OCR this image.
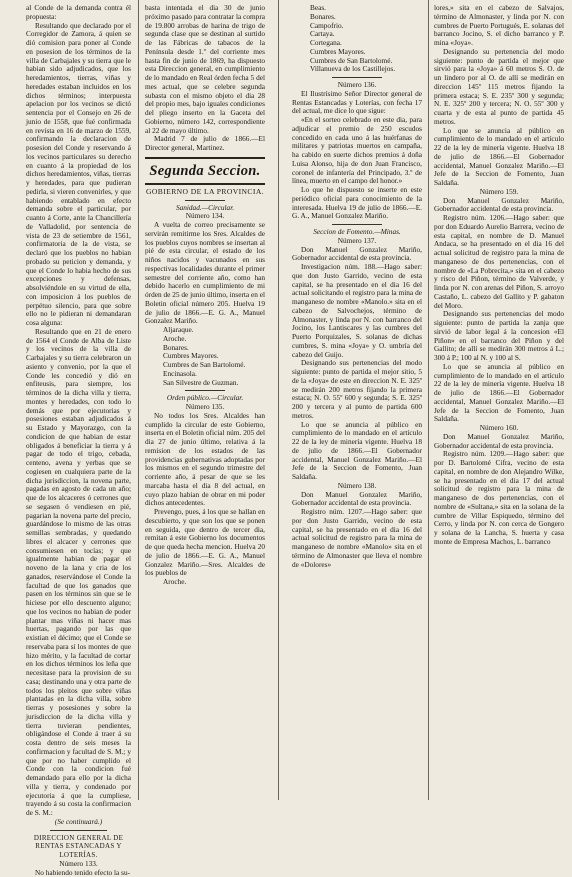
al Conde de la demanda contra él propuesta:

Resultando que declarado por el Corregidor de Zamora, á quien se dió comision para poner al Conde en posesion de los términos de la villa de Carbajales y su tierra que le habian sido adjudicados, que los heredamientos, tierras, viñas y heredades estaban incluidos en los dichos términos; interpuesta apelacion por los vecinos se dictó sentencia por el Consejo en 26 de junio de 1558, que fué confirmada en revista en 16 de marzo de 1559, confirmando la declaracion de posesion del Conde y reservando á los vecinos particulares su derecho en cuanto á la propiedad de los dichos heredamientos, viñas, tierras y heredades, para que pudieran pedirla, si vieren convenirles, y que habiendo entablado en efecto demanda sobre el particular, por cuanto á Corte, ante la Chancillería de Valladolid, por sentencia de vista de 23 de setiembre de 1561, confirmatoria de la de vista, se declaró que los pueblos no habian probado su peticion y demanda, y que el Conde lo habia hecho de sus excepciones y defensas, absolviéndole en su virtud de ella, con imposicion á los pueblos de perpétuo silencio, para que sobre ello no le pidieran ni demandaran cosa alguna:

Resultando que en 21 de enero de 1564 el Conde de Alba de Liste y los vecinos de la villa de Carbajales y su tierra celebraron un asiento y convenio, por la que el Conde les concedió y dió en enfiteusis, para siempre, los términos de la dicha villa y tierra, montes y heredades, con todo lo demás que por ejecutorias y posesiones estaban adjudicados á su Estado y Mayorazgo, con la condicion de que habian de estar obligados á beneficiar la tierra y á pagar de todo el trigo, cebada, centeno, avena y yerbas que se cogiesen en cualquiera parte de la dicha jurisdiccion, la novena parte, pagadas en agosto de cada un año; que de los alcaceres ó cerrones que se segasen ó vendiesen en pié, pagarian la novena parte del precio, guardándose lo mismo de las otras semillas sembradas, y quedando libres el alcacer y cerrones que consumiesen en tocías; y que igualmente habian de pagar el noveno de la lana y cria de los ganados, reservándose el Conde la facultad de que los ganados que pasen en los términos sin que se le hiciese por ello descuento alguno; que los vecinos no habian de poder plantar mas viñas ni hacer mas huertas, pagando por las que existian el décimo; que el Conde se reservaba para sí los montes de que hizo mérito, y la facultad de cortar en los dichos términos los leña que necesitase para la provision de su casa; destinando una y otra parte de todos los pleitos que sobre viñas plantadas en la dicha villa, sobre tierras y posesiones y sobre la jurisdiccion de la dicha villa y tierra tuvieran pendientes, obligándose el Conde á traer á su costa dentro de seis meses la confirmacion y facultad de S. M.; y que por no haber cumplido el Conde con la condicion fué demandado para ello por la dicha villa y tierra, y condenado por ejecutoria á que la cumpliese, trayendo á su costa la confirmacion de S. M.:

(Se continuará.)

DIRECCION GENERAL DE RENTAS ESTANCADAS Y LOTERÍAS.

Número 133.

No habiendo tenido efecto la su-

basta intentada el dia 30 de junio próximo pasado para contratar la compra de 19.800 arrobas de harina de trigo de segunda clase que se destinan al surtido de las Fábricas de tabacos de la Península desde 1.º del corriente mes hasta fin de junio de 1869, ha dispuesto esta Direccion general, en cumplimiento de lo mandado en Real órden fecha 5 del mes actual, que se celebre segunda subasta con el mismo objeto el dia 28 del propio mes, bajo iguales condiciones del pliego inserto en la Gaceta del Gobierno, número 142, correspondiente al 22 de mayo último.

Madrid 7 de julio de 1866.—El Director general, Martinez.

Segunda Seccion.
GOBIERNO DE LA PROVINCIA.

Sanidad.—Circular.

Número 134.

A vuelta de correo precisamente se servirán remitirme los Sres. Alcaldes de los pueblos cuyos nombres se insertan al pié de esta circular, el estado de los niños nacidos y vacunados en sus respectivas localidades durante el primer semestre del corriente año, como han debido hacerlo en cumplimiento de mi órden de 25 de junio último, inserta en el Boletin oficial número 205. Huelva 19 de julio de 1866.—E. G. A., Manuel Gonzalez Mariño.

Aljaraque.

Aroche.

Bonares.

Cumbres Mayores.

Cumbres de San Bartolomé.

Encinasola.

San Silvestre de Guzman.

Orden público.—Circular.

Número 135.

No todos los Sres. Alcaldes han cumplido la circular de este Gobierno, inserta en el Boletin oficial núm. 205 del dia 27 de junio último, relativa á la remision de los estados de las providencias gubernativas adoptadas por los mismos en el segundo trimestre del corriente año, á pesar de que se les marcaba hasta el dia 8 del actual, en cuyo plazo habian de obrar en mi poder dichos antecedentes.

Prevengo, pues, á los que se hallan en descubierto, y que son los que se ponen en seguida, que dentro de tercer dia, remitan á este Gobierno los documentos de que queda hecha mencion. Huelva 20 de julio de 1866.—E. G. A., Manuel Gonzalez Mariño.—Sres. Alcaldes de los pueblos de

Aroche.

Beas.

Bonares.

Campofrio.

Cartaya.

Cortegana.

Cumbres Mayores.

Cumbres de San Bartolomé.

Villanueva de los Castillejos.

Número 136.

El Ilustrísimo Señor Director general de Rentas Estancadas y Loterías, con fecha 17 del actual, me dice lo que sigue:

«En el sorteo celebrado en este dia, para adjudicar el premio de 250 escudos concedido en cada uno á las huérfanas de militares y patriotas muertos en campaña, ha cabido en suerte dichos premios á doña Luisa Alonso, hija de don Juan Francisco, coronel de infantería del Principado, 3.º de línea, muerto en el campo del honor.»

Lo que he dispuesto se inserte en este periódico oficial para conocimiento de la interesada. Huelva 19 de julio de 1866.—E. G. A., Manuel Gonzalez Mariño.

Seccion de Fomento.—Minas.

Número 137.

Don Manuel Gonzalez Mariño, Gobernador accidental de esta provincia.

Investigacion núm. 188.—Hago saber: que don Justo Garrido, vecino de esta capital, se ha presentado en el dia 16 del actual solicitando el registro para la mina de manganeso de nombre «Manolo.» sita en el cabezo de Salvochejos, término de Almonaster, y linda por N. con barranco del Jocino, los Lantiscares y las cumbres del Puerto Porquizales, S. solanas de dichas cumbres, S. mina «Joya» y O. umbría del cabezo del Guijo.

Designando sus pertenencias del modo siguiente: punto de partida el mejor sitio, 5 de la «Joya» de este en direccion N. E. 325º se medirán 200 metros fijando la primera estaca; N. O. 55º 600 y segunda; S. E. 325º 200 y tercera y al punto de partida 600 metros.

Lo que se anuncia al público en cumplimiento de lo mandado en el artículo 22 de la ley de minería vigente. Huelva 18 de julio de 1866.—El Gobernador accidental, Manuel Gonzalez Mariño.—El Jefe de la Seccion de Fomento, Juan Saldaña.

Número 138.

Don Manuel Gonzalez Mariño, Gobernador accidental de esta provincia.

Registro núm. 1207.—Hago saber: que por don Justo Garrido, vecino de esta capital, se ha presentado en el dia 16 del actual solicitud de registro para la mina de manganeso de nombre «Manolo» sita en el término de Almonaster que lleva el nombre de «Dolores»

lores,» sita en el cabezo de Salvajos, término de Almonaster, y linda por N. con cumbres de Puerto Portugués, E. solanas del barranco Jocino, S. el dicho barranco y P. mina «Joya».

Designando su pertenencia del modo siguiente: punto de partida el mejor que sirvió para la «Joya» á 60 metros S. O. de un lindero por al O. de allí se medirán en direccion 145º 115 metros fijando la primera estaca; S. E. 235º 300 y segunda; N. E. 325º 200 y tercera; N. O. 55º 300 y cuarta y de esta al punto de partida 45 metros.

Lo que se anuncia al público en cumplimiento de lo mandado en el artículo 22 de la ley de minería vigente. Huelva 18 de julio de 1866.—El Gobernador accidental, Manuel Gonzalez Mariño.—El Jefe de la Seccion de Fomento, Juan Saldaña.

Número 159.

Don Manuel Gonzalez Mariño, Gobernador accidental de esta provincia.

Registro núm. 1206.—Hago saber: que por don Eduardo Aurelio Barrera, vecino de esta capital, en nombre de D. Manuel Andaca, se ha presentado en el dia 16 del actual solicitud de registro para la mina de manganeso de dos pertenencias, con el nombre de «La Pobrecita,» sita en el cabezo y risco del Piñon, término de Valverde, y linda por N. con arenas del Piñon, S. arroyo Castaño, L. cabezo del Gallito y P. gabaton del Moro.

Designando sus pertenencias del modo siguiente: punto de partida la zanja que sirvió de labor legal á la concesion «El Piñon» en el barranco del Piñon y del Gallito; de allí se medirán 300 metros á L.; 300 á P.; 100 al N. y 100 al S.

Lo que se anuncia al público en cumplimiento de lo mandado en el artículo 22 de la ley de minería vigente. Huelva 18 de julio de 1866.—El Gobernador accidental, Manuel Gonzalez Mariño.—El Jefe de la Seccion de Fomento, Juan Saldaña.

Número 160.

Don Manuel Gonzalez Mariño, Gobernador accidental de esta provincia.

Registro núm. 1209.—Hago saber: que por D. Bartolomé Cifra, vecino de esta capital, en nombre de don Alejandro Wilke, se ha presentado en el dia 17 del actual solicitud de registro para la mina de manganeso de dos pertenencias, con el nombre de «Sultana,» sita en la solana de la cumbre de Villar Espiquedo, término del Cerro, y linda por N. con cerca de Gongero y solana de la Lancha, S. huerta y casa monte de Empresa Machos, L. barranco
